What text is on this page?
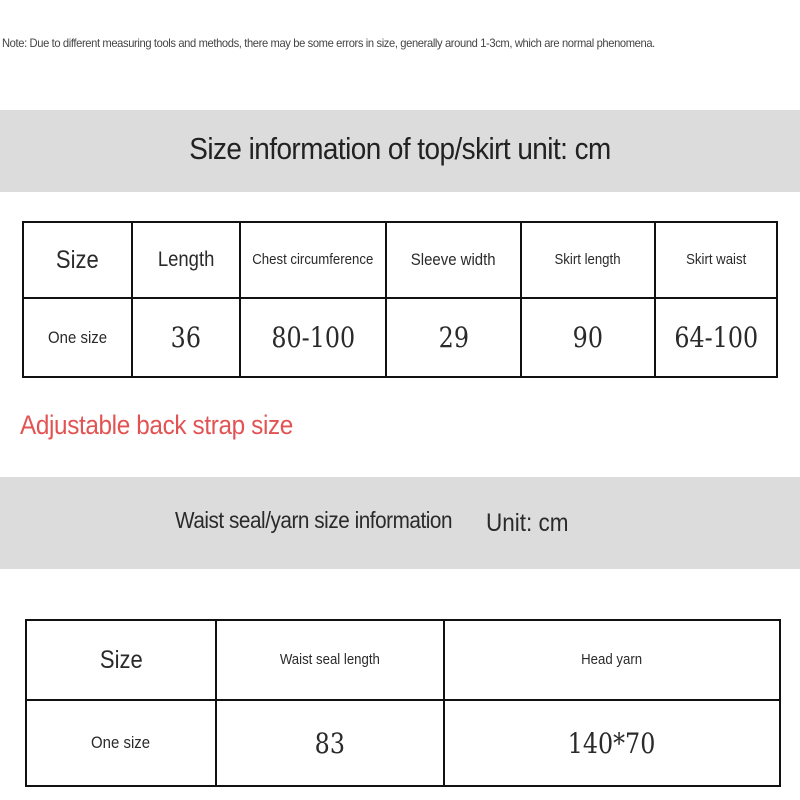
Note: Due to different measuring tools and methods, there may be some errors in size, generally around 1-3cm, which are normal phenomena.
Size information of top/skirt unit: cm
Size	Length	Chest circumference	Sleeve width	Skirt length	Skirt waist
One size	36	80-100	29	90	64-100
Adjustable back strap size
Waist seal/yarn size information Unit: cm
Size	Waist seal length	Head yarn
One size	83	140*70
